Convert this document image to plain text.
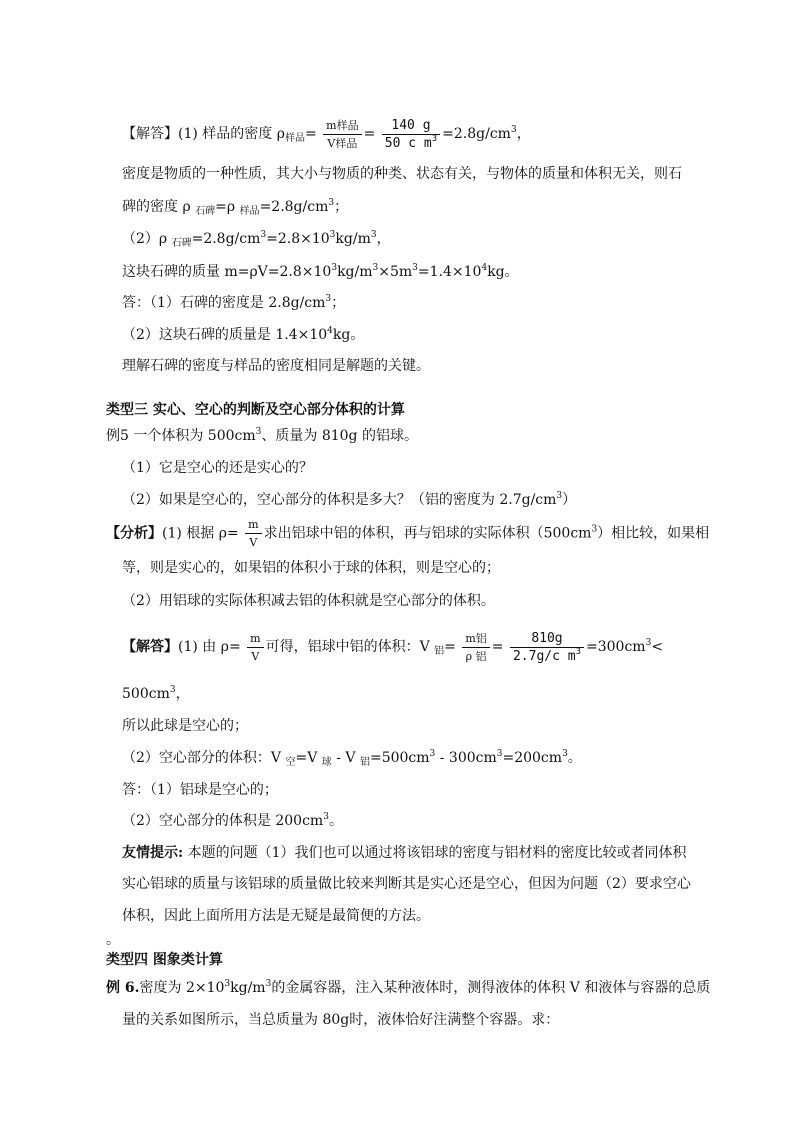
【解答】(1) 样品的密度 $\rho_{样品}= \frac{\text{m样品}}{\text{V样品}} = \frac{140 g}{50 c m^3} =2.8g/cm^3$，
密度是物质的一种性质，其大小与物质的种类、状态有关，与物体的质量和体积无关，则石
碑的密度 ρ $_{石碑}$=ρ $_{样品}=2.8g/cm^3$；
（2）ρ $_{石碑}=2.8g/cm^3=2.8\times 10^3kg/m^3$，
这块石碑的质量 $m=\rho V=2.8\times 10^3kg/m^3\times 5m^3=1.4\times 10^4kg$。
答：（1）石碑的密度是 $2.8g/cm^3$；
（2）这块石碑的质量是 $1.4\times 10^4kg$。
理解石碑的密度与样品的密度相同是解题的关键。
类型三 实心、空心的判断及空心部分体积的计算
例5 一个体积为 $500cm^3$、质量为 810g 的铝球。
（1）它是空心的还是实心的？
（2）如果是空心的，空心部分的体积是多大？（铝的密度为 $2.7g/cm^3$）
【分析】(1) 根据 $\rho= \frac{m}{V}$ 求出铝球中铝的体积，再与铝球的实际体积$(500cm^3)$相比较，如果相
等，则是实心的，如果铝的体积小于球的体积，则是空心的；
（2）用铝球的实际体积减去铝的体积就是空心部分的体积。
【解答】(1) 由 $\rho= \frac{m}{V}$ 可得，铝球中铝的体积：V $_铝= \frac{\text{m铝}}{\text{ρ 铝}} = \frac{810g}{2.7g/c m^3} =300cm^3<$
$500cm^3$，
所以此球是空心的；
（2）空心部分的体积：V $_空$=V $_球$ - V $_铝=500cm^3 - 300cm^3=200cm^3$。
答：（1）铝球是空心的；
（2）空心部分的体积是 $200cm^3$。
友情提示: 本题的问题（1）我们也可以通过将该铝球的密度与铝材料的密度比较或者同体积
实心铝球的质量与该铝球的质量做比较来判断其是实心还是空心，但因为问题（2）要求空心
体积，因此上面所用方法是无疑是最简便的方法。
。
类型四 图象类计算
例 6.密度为 $2\times 10^3kg/m^3$的金属容器，注入某种液体时，测得液体的体积 V 和液体与容器的总质
量的关系如图所示，当总质量为 80g时，液体恰好注满整个容器。求：
